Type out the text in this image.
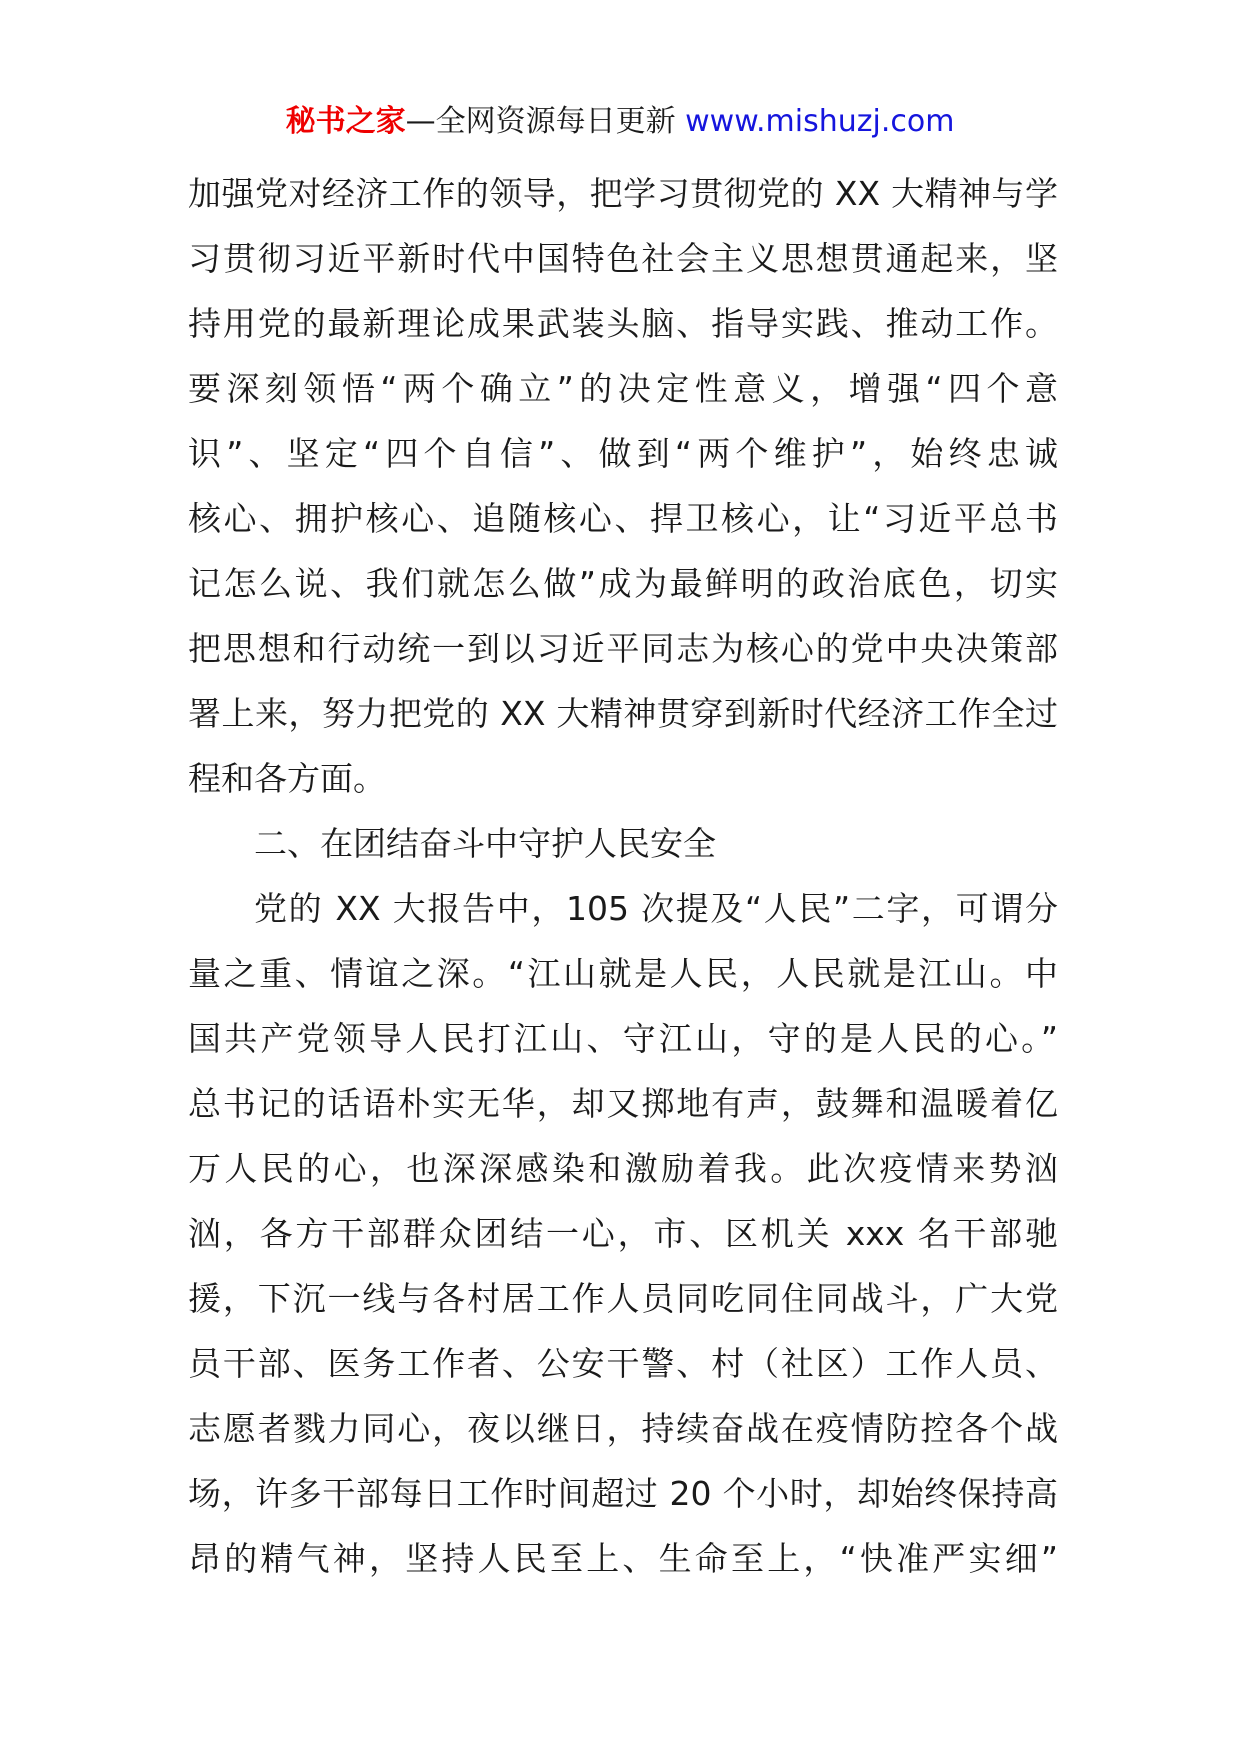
秘书之家—全网资源每日更新 www.mishuzj.com
加强党对经济工作的领导，把学习贯彻党的 XX 大精神与学
习贯彻习近平新时代中国特色社会主义思想贯通起来，坚
持用党的最新理论成果武装头脑、指导实践、推动工作。
要深刻领悟“两个确立”的决定性意义，增强“四个意
识”、坚定“四个自信”、做到“两个维护”，始终忠诚
核心、拥护核心、追随核心、捍卫核心，让“习近平总书
记怎么说、我们就怎么做”成为最鲜明的政治底色，切实
把思想和行动统一到以习近平同志为核心的党中央决策部
署上来，努力把党的 XX 大精神贯穿到新时代经济工作全过
程和各方面。
二、在团结奋斗中守护人民安全
党的 XX 大报告中，105 次提及“人民”二字，可谓分
量之重、情谊之深。“江山就是人民，人民就是江山。中
国共产党领导人民打江山、守江山，守的是人民的心。”
总书记的话语朴实无华，却又掷地有声，鼓舞和温暖着亿
万人民的心，也深深感染和激励着我。此次疫情来势汹
汹，各方干部群众团结一心，市、区机关 xxx 名干部驰
援，下沉一线与各村居工作人员同吃同住同战斗，广大党
员干部、医务工作者、公安干警、村（社区）工作人员、
志愿者戮力同心，夜以继日，持续奋战在疫情防控各个战
场，许多干部每日工作时间超过 20 个小时，却始终保持高
昂的精气神，坚持人民至上、生命至上，“快准严实细”
